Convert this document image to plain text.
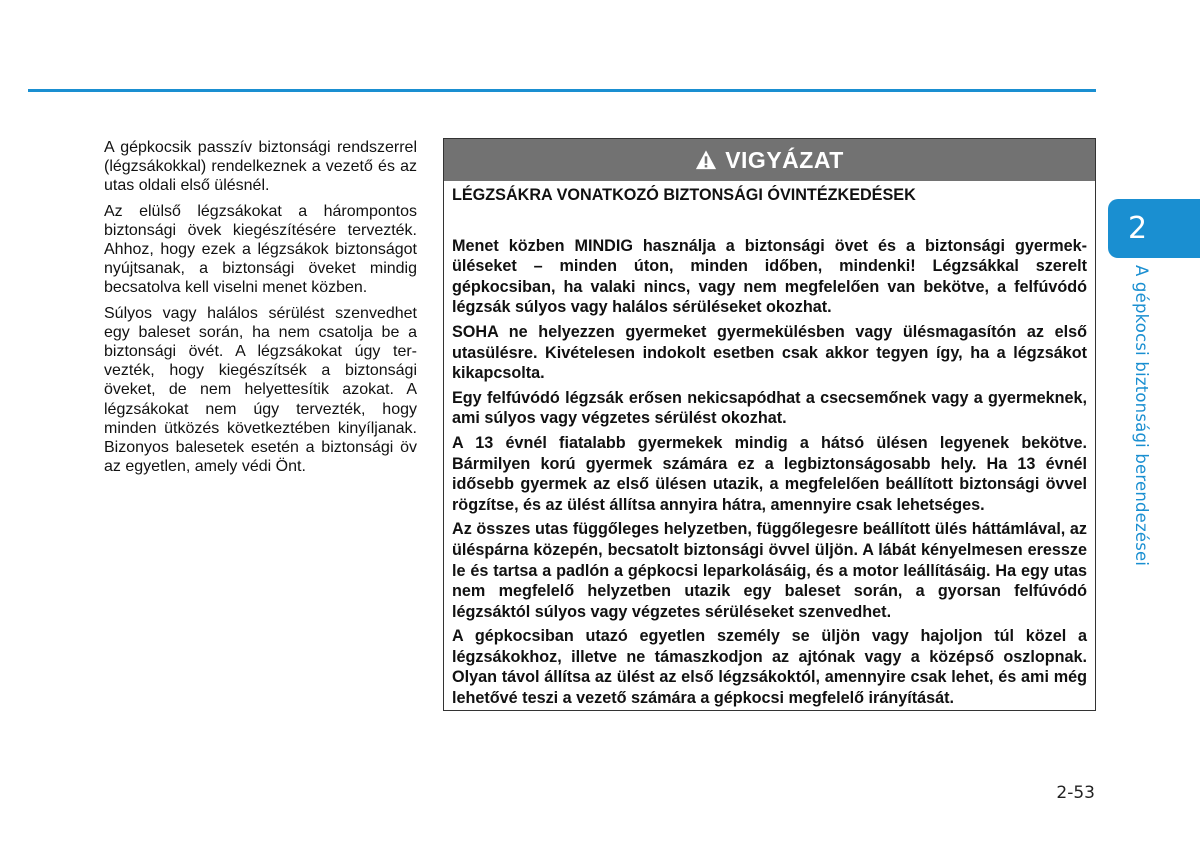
A gépkocsik passzív biztonsági rendszerrel (légzsákokkal) rendelkeznek a vezető és az utas oldali első ülésnél.

Az elülső légzsákokat a hárompontos biztonsági övek kiegészítésére tervezték. Ahhoz, hogy ezek a légzsákok biztonságot nyújtsanak, a biztonsági öveket mindig becsatolva kell viselni menet közben.

Súlyos vagy halálos sérülést szenvedhet egy baleset során, ha nem csatolja be a biztonsági övét. A légzsákokat úgy tervezték, hogy kiegészítsék a biztonsági öveket, de nem helyettesítik azokat. A légzsákokat nem úgy tervezték, hogy minden ütközés következtében kinyíljanak. Bizonyos balesetek esetén a biztonsági öv az egyetlen, amely védi Önt.

VIGYÁZAT

LÉGZSÁKRA VONATKOZÓ BIZTONSÁGI ÓVINTÉZKEDÉSEK

Menet közben MINDIG használja a biztonsági övet és a biztonsági gyermeküléseket – minden úton, minden időben, mindenki! Légzsákkal szerelt gépkocsiban, ha valaki nincs, vagy nem megfelelően van bekötve, a felfúvódó légzsák súlyos vagy halálos sérüléseket okozhat.

SOHA ne helyezzen gyermeket gyermekülésben vagy ülésmagasítón az első utasülésre. Kivételesen indokolt esetben csak akkor tegyen így, ha a légzsákot kikapcsolta.

Egy felfúvódó légzsák erősen nekicsapódhat a csecsemőnek vagy a gyermeknek, ami súlyos vagy végzetes sérülést okozhat.

A 13 évnél fiatalabb gyermekek mindig a hátsó ülésen legyenek bekötve. Bármilyen korú gyermek számára ez a legbiztonságosabb hely. Ha 13 évnél idősebb gyermek az első ülésen utazik, a megfelelően beállított biztonsági övvel rögzítse, és az ülést állítsa annyira hátra, amennyire csak lehetséges.

Az összes utas függőleges helyzetben, függőlegesre beállított ülés háttámlával, az üléspárna közepén, becsatolt biztonsági övvel üljön. A lábát kényelmesen eressze le és tartsa a padlón a gépkocsi leparkolásáig, és a motor leállításáig. Ha egy utas nem megfelelő helyzetben utazik egy baleset során, a gyorsan felfúvódó légzsáktól súlyos vagy végzetes sérüléseket szenvedhet.

A gépkocsiban utazó egyetlen személy se üljön vagy hajoljon túl közel a légzsákokhoz, illetve ne támaszkodjon az ajtónak vagy a középső oszlopnak. Olyan távol állítsa az ülést az első légzsákoktól, amennyire csak lehet, és ami még lehetővé teszi a vezető számára a gépkocsi megfelelő irányítását.

2
A gépkocsi biztonsági berendezései
2-53
